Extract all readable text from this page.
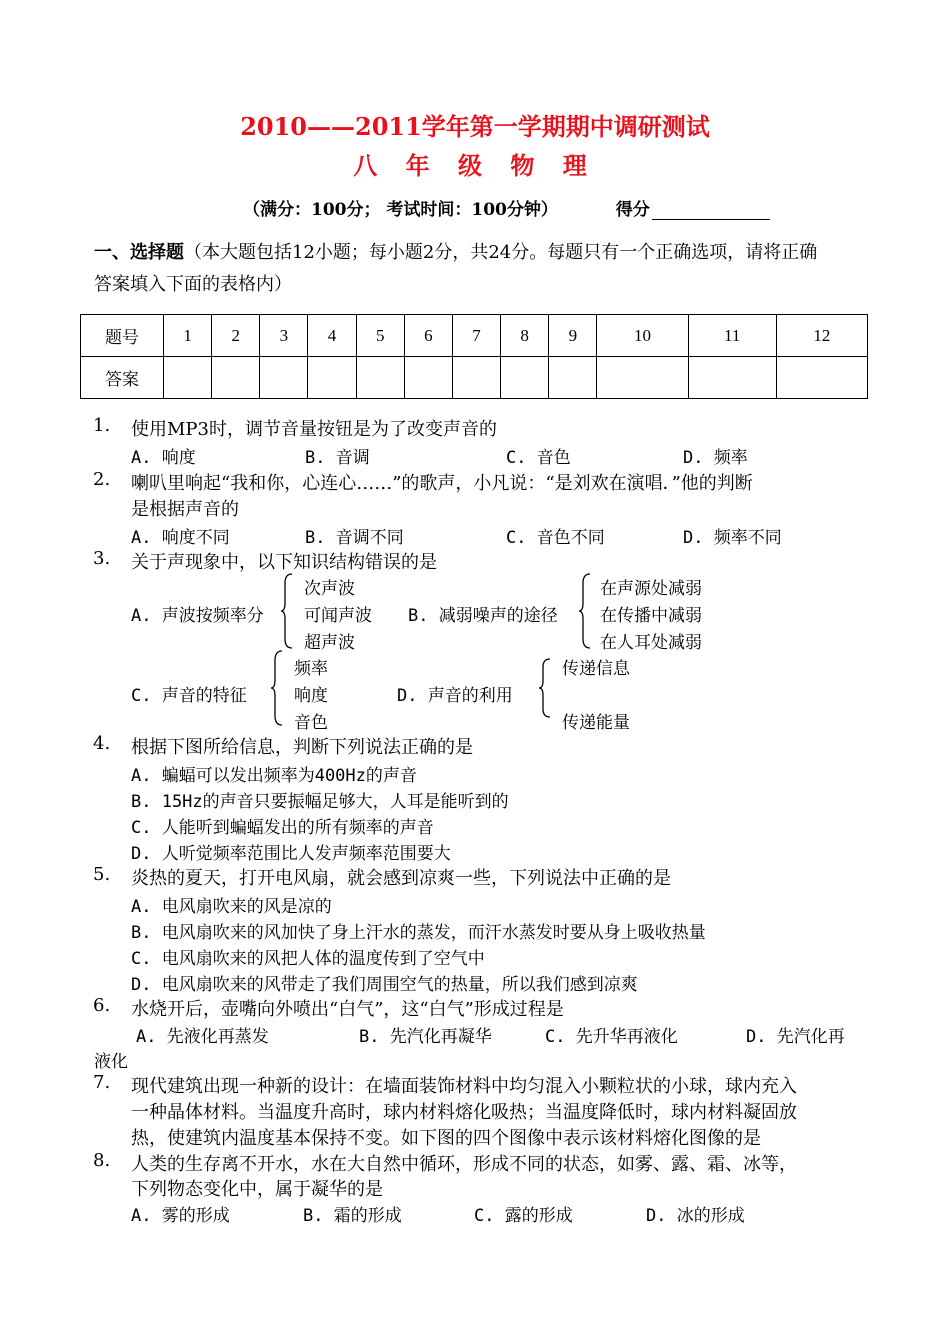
2010——2011学年第一学期期中调研测试
八 年 级 物 理
（满分：100分； 考试时间：100分钟）	得分
一、选择题（本大题包括12小题；每小题2分，共24分。每题只有一个正确选项，请将正确
答案填入下面的表格内）
题号	1	2	3	4	5	6	7	8	9	10	11	12
答案												
1. 使用MP3时，调节音量按钮是为了改变声音的
A. 响度	B. 音调	C. 音色	D. 频率
2. 喇叭里响起“我和你，心连心……”的歌声，小凡说：“是刘欢在演唱．”他的判断
是根据声音的
A. 响度不同	B. 音调不同	C. 音色不同	D. 频率不同
3. 关于声现象中，以下知识结构错误的是
A. 声波按频率分
次声波
可闻声波
超声波
B. 减弱噪声的途径
在声源处减弱
在传播中减弱
在人耳处减弱
C. 声音的特征
频率
响度
音色
D. 声音的利用
传递信息
传递能量
4. 根据下图所给信息，判断下列说法正确的是
A. 蝙蝠可以发出频率为400Hz的声音
B. 15Hz的声音只要振幅足够大，人耳是能听到的
C. 人能听到蝙蝠发出的所有频率的声音
D. 人听觉频率范围比人发声频率范围要大
5. 炎热的夏天，打开电风扇，就会感到凉爽一些，下列说法中正确的是
A. 电风扇吹来的风是凉的
B. 电风扇吹来的风加快了身上汗水的蒸发，而汗水蒸发时要从身上吸收热量
C. 电风扇吹来的风把人体的温度传到了空气中
D. 电风扇吹来的风带走了我们周围空气的热量，所以我们感到凉爽
6. 水烧开后，壶嘴向外喷出“白气”，这“白气”形成过程是
A. 先液化再蒸发	B. 先汽化再凝华	C. 先升华再液化	D. 先汽化再
液化
7. 现代建筑出现一种新的设计：在墙面装饰材料中均匀混入小颗粒状的小球，球内充入
一种晶体材料。当温度升高时，球内材料熔化吸热；当温度降低时，球内材料凝固放
热，使建筑内温度基本保持不变。如下图的四个图像中表示该材料熔化图像的是
8. 人类的生存离不开水，水在大自然中循环，形成不同的状态，如雾、露、霜、冰等，
下列物态变化中，属于凝华的是
A. 雾的形成	B. 霜的形成	C. 露的形成	D. 冰的形成
